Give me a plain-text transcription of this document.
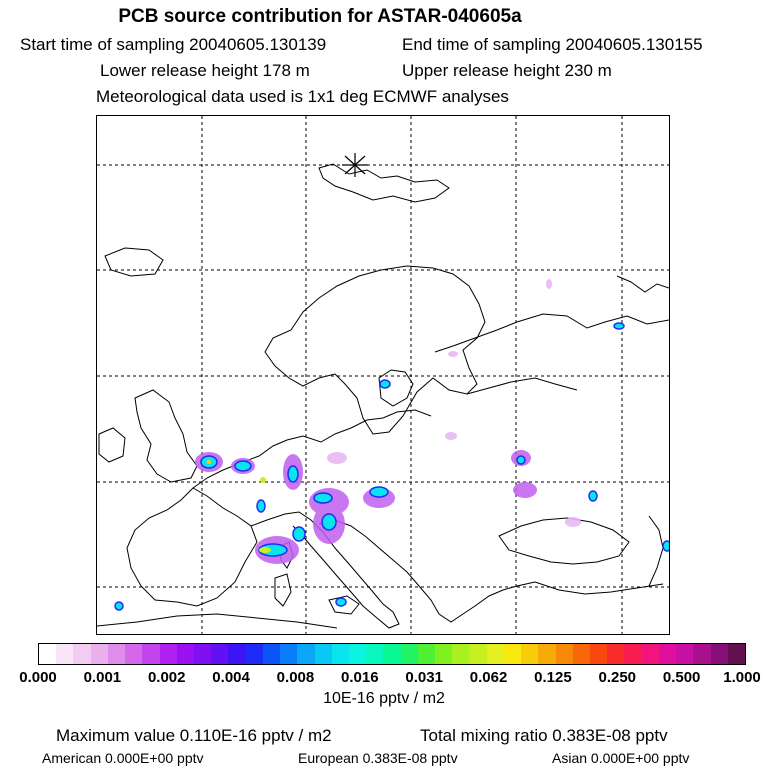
PCB source contribution for ASTAR-040605a
Start time of sampling 20040605.130139	End time of sampling 20040605.130155
Lower release height 178 m	Upper release height 230 m
Meteorological data used is 1x1 deg ECMWF analyses
0.000 0.001 0.002 0.004 0.008 0.016 0.031 0.062 0.125 0.250 0.500 1.000
10E-16 pptv / m2
Maximum value 0.110E-16 pptv / m2	Total mixing ratio 0.383E-08 pptv
American 0.000E+00 pptv	European 0.383E-08 pptv	Asian 0.000E+00 pptv
